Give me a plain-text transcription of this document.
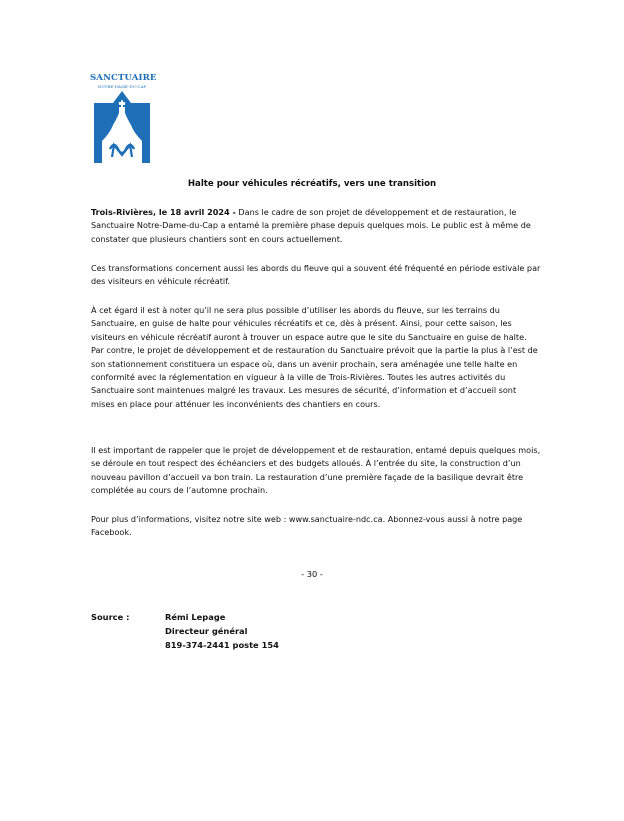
SANCTUAIRE
NOTRE-DAME-DU-CAP
Halte pour véhicules récréatifs, vers une transition

Trois-Rivières, le 18 avril 2024 - Dans le cadre de son projet de développement et de restauration, le Sanctuaire Notre-Dame-du-Cap a entamé la première phase depuis quelques mois. Le public est à même de constater que plusieurs chantiers sont en cours actuellement.

Ces transformations concernent aussi les abords du fleuve qui a souvent été fréquenté en période estivale par des visiteurs en véhicule récréatif.

À cet égard il est à noter qu’il ne sera plus possible d’utiliser les abords du fleuve, sur les terrains du Sanctuaire, en guise de halte pour véhicules récréatifs et ce, dès à présent. Ainsi, pour cette saison, les visiteurs en véhicule récréatif auront à trouver un espace autre que le site du Sanctuaire en guise de halte. Par contre, le projet de développement et de restauration du Sanctuaire prévoit que la partie la plus à l’est de son stationnement constituera un espace où, dans un avenir prochain, sera aménagée une telle halte en conformité avec la réglementation en vigueur à la ville de Trois-Rivières. Toutes les autres activités du Sanctuaire sont maintenues malgré les travaux. Les mesures de sécurité, d’information et d’accueil sont mises en place pour atténuer les inconvénients des chantiers en cours.

Il est important de rappeler que le projet de développement et de restauration, entamé depuis quelques mois, se déroule en tout respect des échéanciers et des budgets alloués. À l’entrée du site, la construction d’un nouveau pavillon d’accueil va bon train. La restauration d’une première façade de la basilique devrait être complétée au cours de l’automne prochain.

Pour plus d’informations, visitez notre site web : www.sanctuaire-ndc.ca. Abonnez-vous aussi à notre page Facebook.

- 30 -
Source :	Rémi Lepage
Directeur général
819-374-2441 poste 154
